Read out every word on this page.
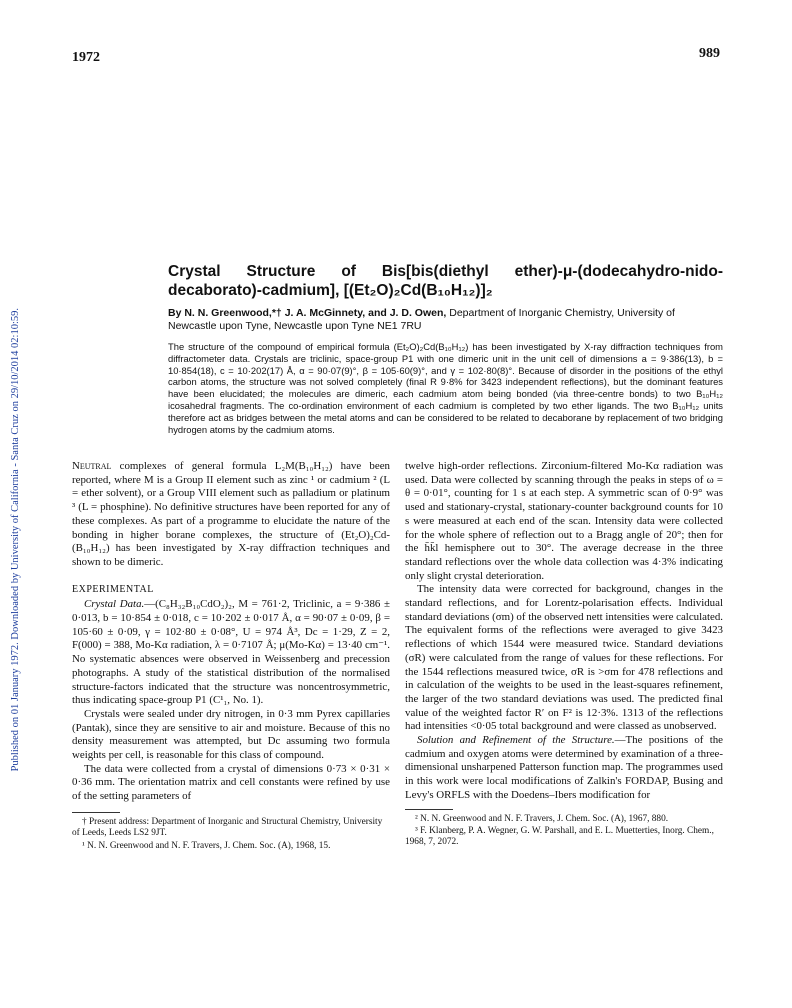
1972	989
Published on 01 January 1972. Downloaded by University of California - Santa Cruz on 29/10/2014 02:10:59.
Crystal Structure of Bis[bis(diethyl ether)-μ-(dodecahydro-nido-
decaborato)-cadmium], [(Et₂O)₂Cd(B₁₀H₁₂)]₂
By N. N. Greenwood,*† J. A. McGinnety, and J. D. Owen, Department of Inorganic Chemistry, University of Newcastle upon Tyne, Newcastle upon Tyne NE1 7RU
The structure of the compound of empirical formula (Et₂O)₂Cd(B₁₀H₁₂) has been investigated by X-ray diffraction techniques from diffractometer data. Crystals are triclinic, space-group P1 with one dimeric unit in the unit cell of dimensions a = 9·386(13), b = 10·854(18), c = 10·202(17) Å, α = 90·07(9)°, β = 105·60(9)°, and γ = 102·80(8)°. Because of disorder in the positions of the ethyl carbon atoms, the structure was not solved completely (final R 9·8% for 3423 independent reflections), but the dominant features have been elucidated; the molecules are dimeric, each cadmium atom being bonded (via three-centre bonds) to two B₁₀H₁₂ icosahedral fragments. The co-ordination environment of each cadmium is completed by two ether ligands. The two B₁₀H₁₂ units therefore act as bridges between the metal atoms and can be considered to be related to decaborane by replacement of two bridging hydrogen atoms by the cadmium atoms.

Neutral complexes of general formula L₂M(B₁₀H₁₂) have been reported, where M is a Group II element such as zinc ¹ or cadmium ² (L = ether solvent), or a Group VIII element such as palladium or platinum ³ (L = phosphine). No definitive structures have been reported for any of these complexes. As part of a programme to elucidate the nature of the bonding in higher borane complexes, the structure of (Et₂O)₂Cd-(B₁₀H₁₂) has been investigated by X-ray diffraction techniques and shown to be dimeric.

EXPERIMENTAL

Crystal Data.—(C₈H₃₂B₁₀CdO₂)₂, M = 761·2, Triclinic, a = 9·386 ± 0·013, b = 10·854 ± 0·018, c = 10·202 ± 0·017 Å, α = 90·07 ± 0·09, β = 105·60 ± 0·09, γ = 102·80 ± 0·08°, U = 974 Å³, Dc = 1·29, Z = 2, F(000) = 388, Mo-Kα radiation, λ = 0·7107 Å; μ(Mo-Kα) = 13·40 cm⁻¹. No systematic absences were observed in Weissenberg and precession photographs. A study of the statistical distribution of the normalised structure-factors indicated that the structure was noncentrosymmetric, thus indicating space-group P1 (C¹₁, No. 1).

Crystals were sealed under dry nitrogen, in 0·3 mm Pyrex capillaries (Pantak), since they are sensitive to air and moisture. Because of this no density measurement was attempted, but Dc assuming two formula weights per cell, is reasonable for this class of compound.

The data were collected from a crystal of dimensions 0·73 × 0·31 × 0·36 mm. The orientation matrix and cell constants were refined by use of the setting parameters of

† Present address: Department of Inorganic and Structural Chemistry, University of Leeds, Leeds LS2 9JT.

¹ N. N. Greenwood and N. F. Travers, J. Chem. Soc. (A), 1968, 15.

twelve high-order reflections. Zirconium-filtered Mo-Kα radiation was used. Data were collected by scanning through the peaks in steps of ω = θ = 0·01°, counting for 1 s at each step. A symmetric scan of 0·9° was used and stationary-crystal, stationary-counter background counts for 10 s were measured at each end of the scan. Intensity data were collected for the whole sphere of reflection out to a Bragg angle of 20°; then for the h̄k̄l hemisphere out to 30°. The average decrease in the three standard reflections over the whole data collection was 4·3% indicating only slight crystal deterioration.

The intensity data were corrected for background, changes in the standard reflections, and for Lorentz-polarisation effects. Individual standard deviations (σm) of the observed nett intensities were calculated. The equivalent forms of the reflections were averaged to give 3423 reflections of which 1544 were measured twice. Standard deviations (σR) were calculated from the range of values for these reflections. For the 1544 reflections measured twice, σR is >σm for 478 reflections and in calculation of the weights to be used in the least-squares refinement, the larger of the two standard deviations was used. The predicted final value of the weighted factor R′ on F² is 12·3%. 1313 of the reflections had intensities <0·05 total background and were classed as unobserved.

Solution and Refinement of the Structure.—The positions of the cadmium and oxygen atoms were determined by examination of a three-dimensional unsharpened Patterson function map. The programmes used in this work were local modifications of Zalkin's FORDAP, Busing and Levy's ORFLS with the Doedens–Ibers modification for

² N. N. Greenwood and N. F. Travers, J. Chem. Soc. (A), 1967, 880.

³ F. Klanberg, P. A. Wegner, G. W. Parshall, and E. L. Muetterties, Inorg. Chem., 1968, 7, 2072.
